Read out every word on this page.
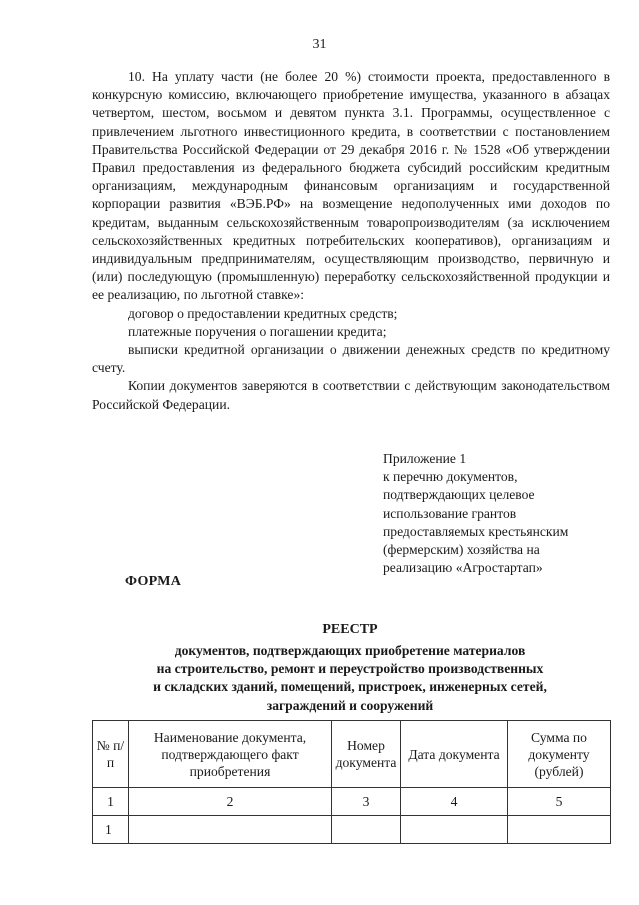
31

10. На уплату части (не более 20 %) стоимости проекта, предоставленного в конкурсную комиссию, включающего приобретение имущества, указанного в абзацах четвертом, шестом, восьмом и девятом пункта 3.1. Программы, осуществленное с привлечением льготного инвестиционного кредита, в соответствии с постановлением Правительства Российской Федерации от 29 декабря 2016 г. № 1528 «Об утверждении Правил предоставления из федерального бюджета субсидий российским кредитным организациям, международным финансовым организациям и государственной корпорации развития «ВЭБ.РФ» на возмещение недополученных ими доходов по кредитам, выданным сельскохозяйственным товаропроизводителям (за исключением сельскохозяйственных кредитных потребительских кооперативов), организациям и индивидуальным предпринимателям, осуществляющим производство, первичную и (или) последующую (промышленную) переработку сельскохозяйственной продукции и ее реализацию, по льготной ставке»:

договор о предоставлении кредитных средств;

платежные поручения о погашении кредита;

выписки кредитной организации о движении денежных средств по кредитному счету.

Копии документов заверяются в соответствии с действующим законодательством Российской Федерации.

Приложение 1
к перечню документов,
подтверждающих целевое
использование грантов
предоставляемых крестьянским
(фермерским) хозяйства на
реализацию «Агростартап»
ФОРМА
РЕЕСТР
документов, подтверждающих приобретение материалов
на строительство, ремонт и переустройство производственных
и складских зданий, помещений, пристроек, инженерных сетей,
заграждений и сооружений
№ п/п	Наименование документа, подтверждающего факт приобретения	Номер документа	Дата документа	Сумма по документу (рублей)
1	2	3	4	5
1				
